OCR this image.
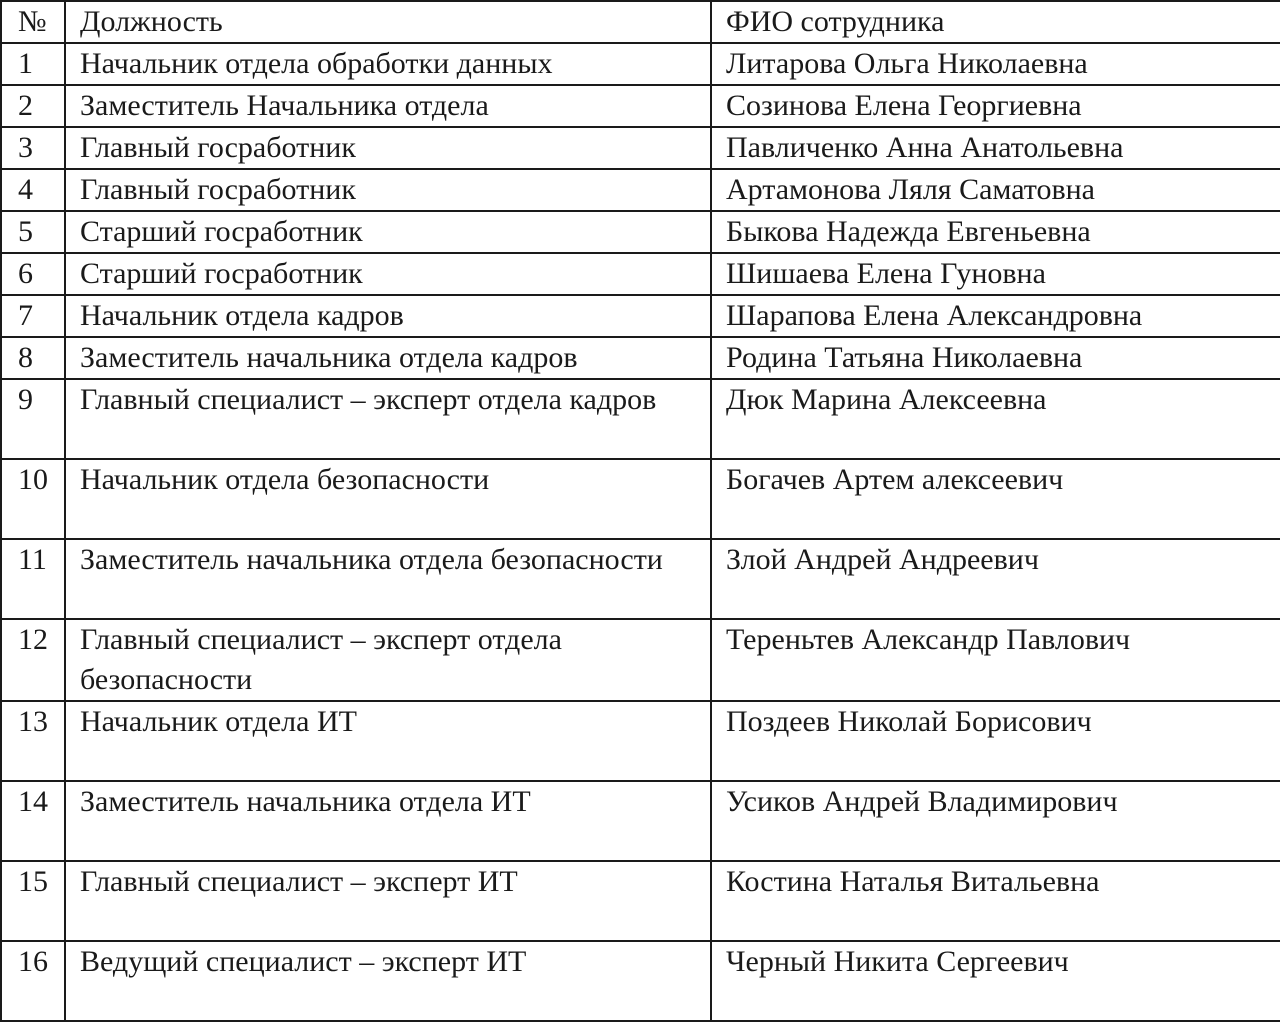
№	Должность	ФИО сотрудника
1	Начальник отдела обработки данных	Литарова Ольга Николаевна
2	Заместитель Начальника отдела	Созинова Елена Георгиевна
3	Главный госработник	Павличенко Анна Анатольевна
4	Главный госработник	Артамонова Ляля Саматовна
5	Старший госработник	Быкова Надежда Евгеньевна
6	Старший госработник	Шишаева Елена Гуновна
7	Начальник отдела кадров	Шарапова Елена Александровна
8	Заместитель начальника отдела кадров	Родина Татьяна Николаевна
9	Главный специалист – эксперт отдела кадров	Дюк Марина Алексеевна
10	Начальник отдела безопасности	Богачев Артем алексеевич
11	Заместитель начальника отдела безопасности	Злой Андрей Андреевич
12	Главный специалист – эксперт отдела безопасности	Тереньтев Александр Павлович
13	Начальник отдела ИТ	Поздеев Николай Борисович
14	Заместитель начальника отдела ИТ	Усиков Андрей Владимирович
15	Главный специалист – эксперт ИТ	Костина Наталья Витальевна
16	Ведущий специалист – эксперт ИТ	Черный Никита Сергеевич
